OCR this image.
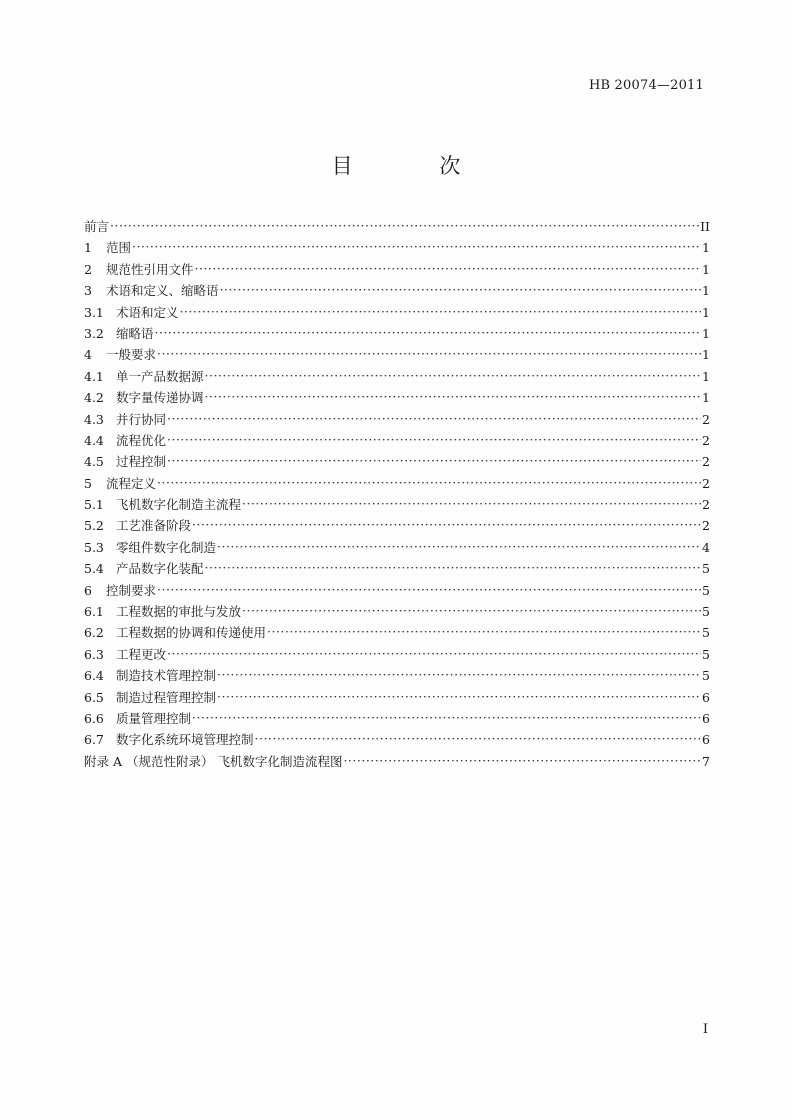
HB 20074—2011
目 次
前言 ·····	II
1	范围 ·····	1
2	规范性引用文件 ·····	1
3	术语和定义、缩略语 ·····	1
3.1 术语和定义 ·····	1
3.2 缩略语 ·····	1
4	一般要求 ·····	1
4.1 单一产品数据源 ·····	1
4.2 数字量传递协调 ·····	1
4.3 并行协同 ·····	2
4.4 流程优化 ·····	2
4.5 过程控制 ·····	2
5	流程定义 ·····	2
5.1 飞机数字化制造主流程 ·····	2
5.2 工艺准备阶段 ·····	2
5.3 零组件数字化制造 ·····	4
5.4 产品数字化装配 ·····	5
6	控制要求 ·····	5
6.1 工程数据的审批与发放 ·····	5
6.2 工程数据的协调和传递使用 ·····	5
6.3 工程更改 ·····	5
6.4 制造技术管理控制 ·····	5
6.5 制造过程管理控制 ·····	6
6.6 质量管理控制 ·····	6
6.7 数字化系统环境管理控制 ·····	6
附录 A （规范性附录） 飞机数字化制造流程图 ·····	7
I
